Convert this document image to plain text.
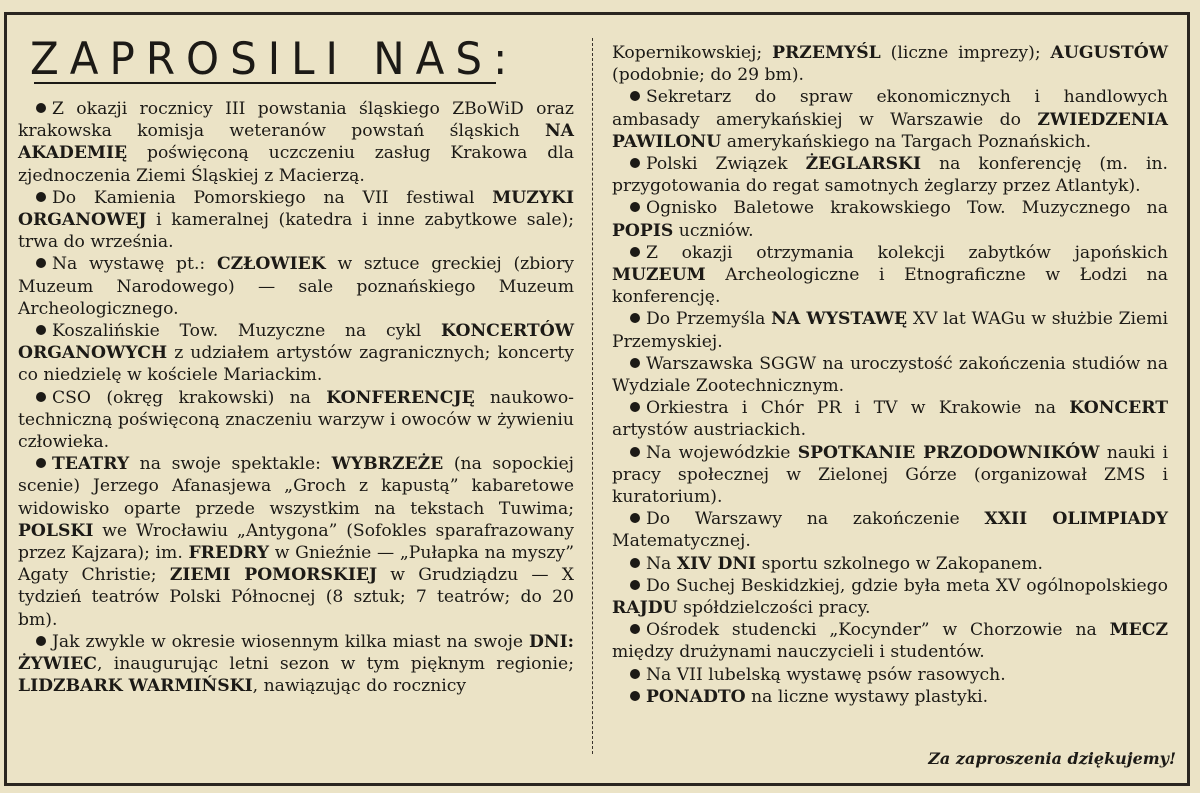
ZAPROSILI NAS:
Z okazji rocznicy III powstania śląskiego ZBoWiD oraz krakowska komisja weteranów powstań śląskich NA AKADEMIĘ poświęconą uczczeniu zasług Krakowa dla zjednoczenia Ziemi Śląskiej z Macierzą.
Do Kamienia Pomorskiego na VII festiwal MUZYKI ORGANOWEJ i kameralnej (katedra i inne zabytkowe sale); trwa do września.
Na wystawę pt.: CZŁOWIEK w sztuce greckiej (zbiory Muzeum Narodowego) — sale poznańskiego Muzeum Archeologicznego.
Koszalińskie Tow. Muzyczne na cykl KONCERTÓW ORGANOWYCH z udziałem artystów zagranicznych; koncerty co niedzielę w kościele Mariackim.
CSO (okręg krakowski) na KONFERENCJĘ naukowo-techniczną poświęconą znaczeniu warzyw i owoców w żywieniu człowieka.
TEATRY na swoje spektakle: WYBRZEŻE (na sopockiej scenie) Jerzego Afanasjewa „Groch z kapustą” kabaretowe widowisko oparte przede wszystkim na tekstach Tuwima; POLSKI we Wrocławiu „Antygona” (Sofokles sparafrazowany przez Kajzara); im. FREDRY w Gnieźnie — „Pułapka na myszy” Agaty Christie; ZIEMI POMORSKIEJ w Grudziądzu — X tydzień teatrów Polski Północnej (8 sztuk; 7 teatrów; do 20 bm).
Jak zwykle w okresie wiosennym kilka miast na swoje DNI: ŻYWIEC, inaugurując letni sezon w tym pięknym regionie; LIDZBARK WARMIŃSKI, nawiązując do rocznicy
Kopernikowskiej; PRZEMYŚL (liczne imprezy); AUGUSTÓW (podobnie; do 29 bm).
Sekretarz do spraw ekonomicznych i handlowych ambasady amerykańskiej w Warszawie do ZWIEDZENIA PAWILONU amerykańskiego na Targach Poznańskich.
Polski Związek ŻEGLARSKI na konferencję (m. in. przygotowania do regat samotnych żeglarzy przez Atlantyk).
Ognisko Baletowe krakowskiego Tow. Muzycznego na POPIS uczniów.
Z okazji otrzymania kolekcji zabytków japońskich MUZEUM Archeologiczne i Etnograficzne w Łodzi na konferencję.
Do Przemyśla NA WYSTAWĘ XV lat WAGu w służbie Ziemi Przemyskiej.
Warszawska SGGW na uroczystość zakończenia studiów na Wydziale Zootechnicznym.
Orkiestra i Chór PR i TV w Krakowie na KONCERT artystów austriackich.
Na wojewódzkie SPOTKANIE PRZODOWNIKÓW nauki i pracy społecznej w Zielonej Górze (organizował ZMS i kuratorium).
Do Warszawy na zakończenie XXII OLIMPIADY Matematycznej.
Na XIV DNI sportu szkolnego w Zakopanem.
Do Suchej Beskidzkiej, gdzie była meta XV ogólnopolskiego RAJDU spółdzielczości pracy.
Ośrodek studencki „Kocynder” w Chorzowie na MECZ między drużynami nauczycieli i studentów.
Na VII lubelską wystawę psów rasowych.
PONADTO na liczne wystawy plastyki.
Za zaproszenia dziękujemy!
